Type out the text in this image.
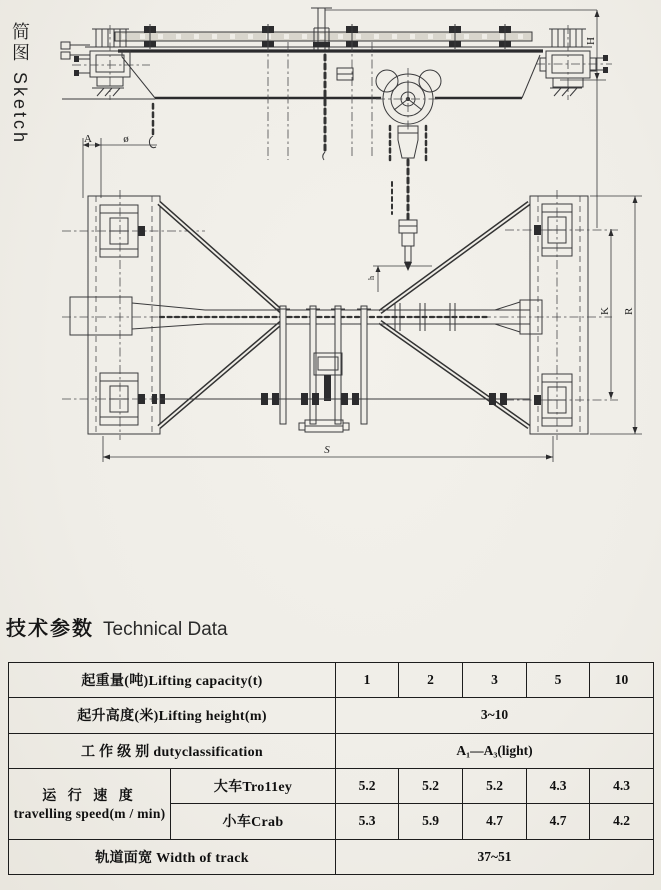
简图 Sketch	H
A	ø
h
S
K R
技术参数 Technical Data
起重量(吨)Lifting capacity(t)		1	2	3	5	10
起升高度(米)Lifting height(m)		3~10				
工 作 级 别 dutyclassification		A₁—A₃(light)				

运 行 速 度
travelling speed(m / min)	大车Tro11ey	5.2	5.2	5.2	4.3	4.3
	小车Crab	5.3	5.9	4.7	4.7	4.2
轨道面宽 Width of track		37~51				
